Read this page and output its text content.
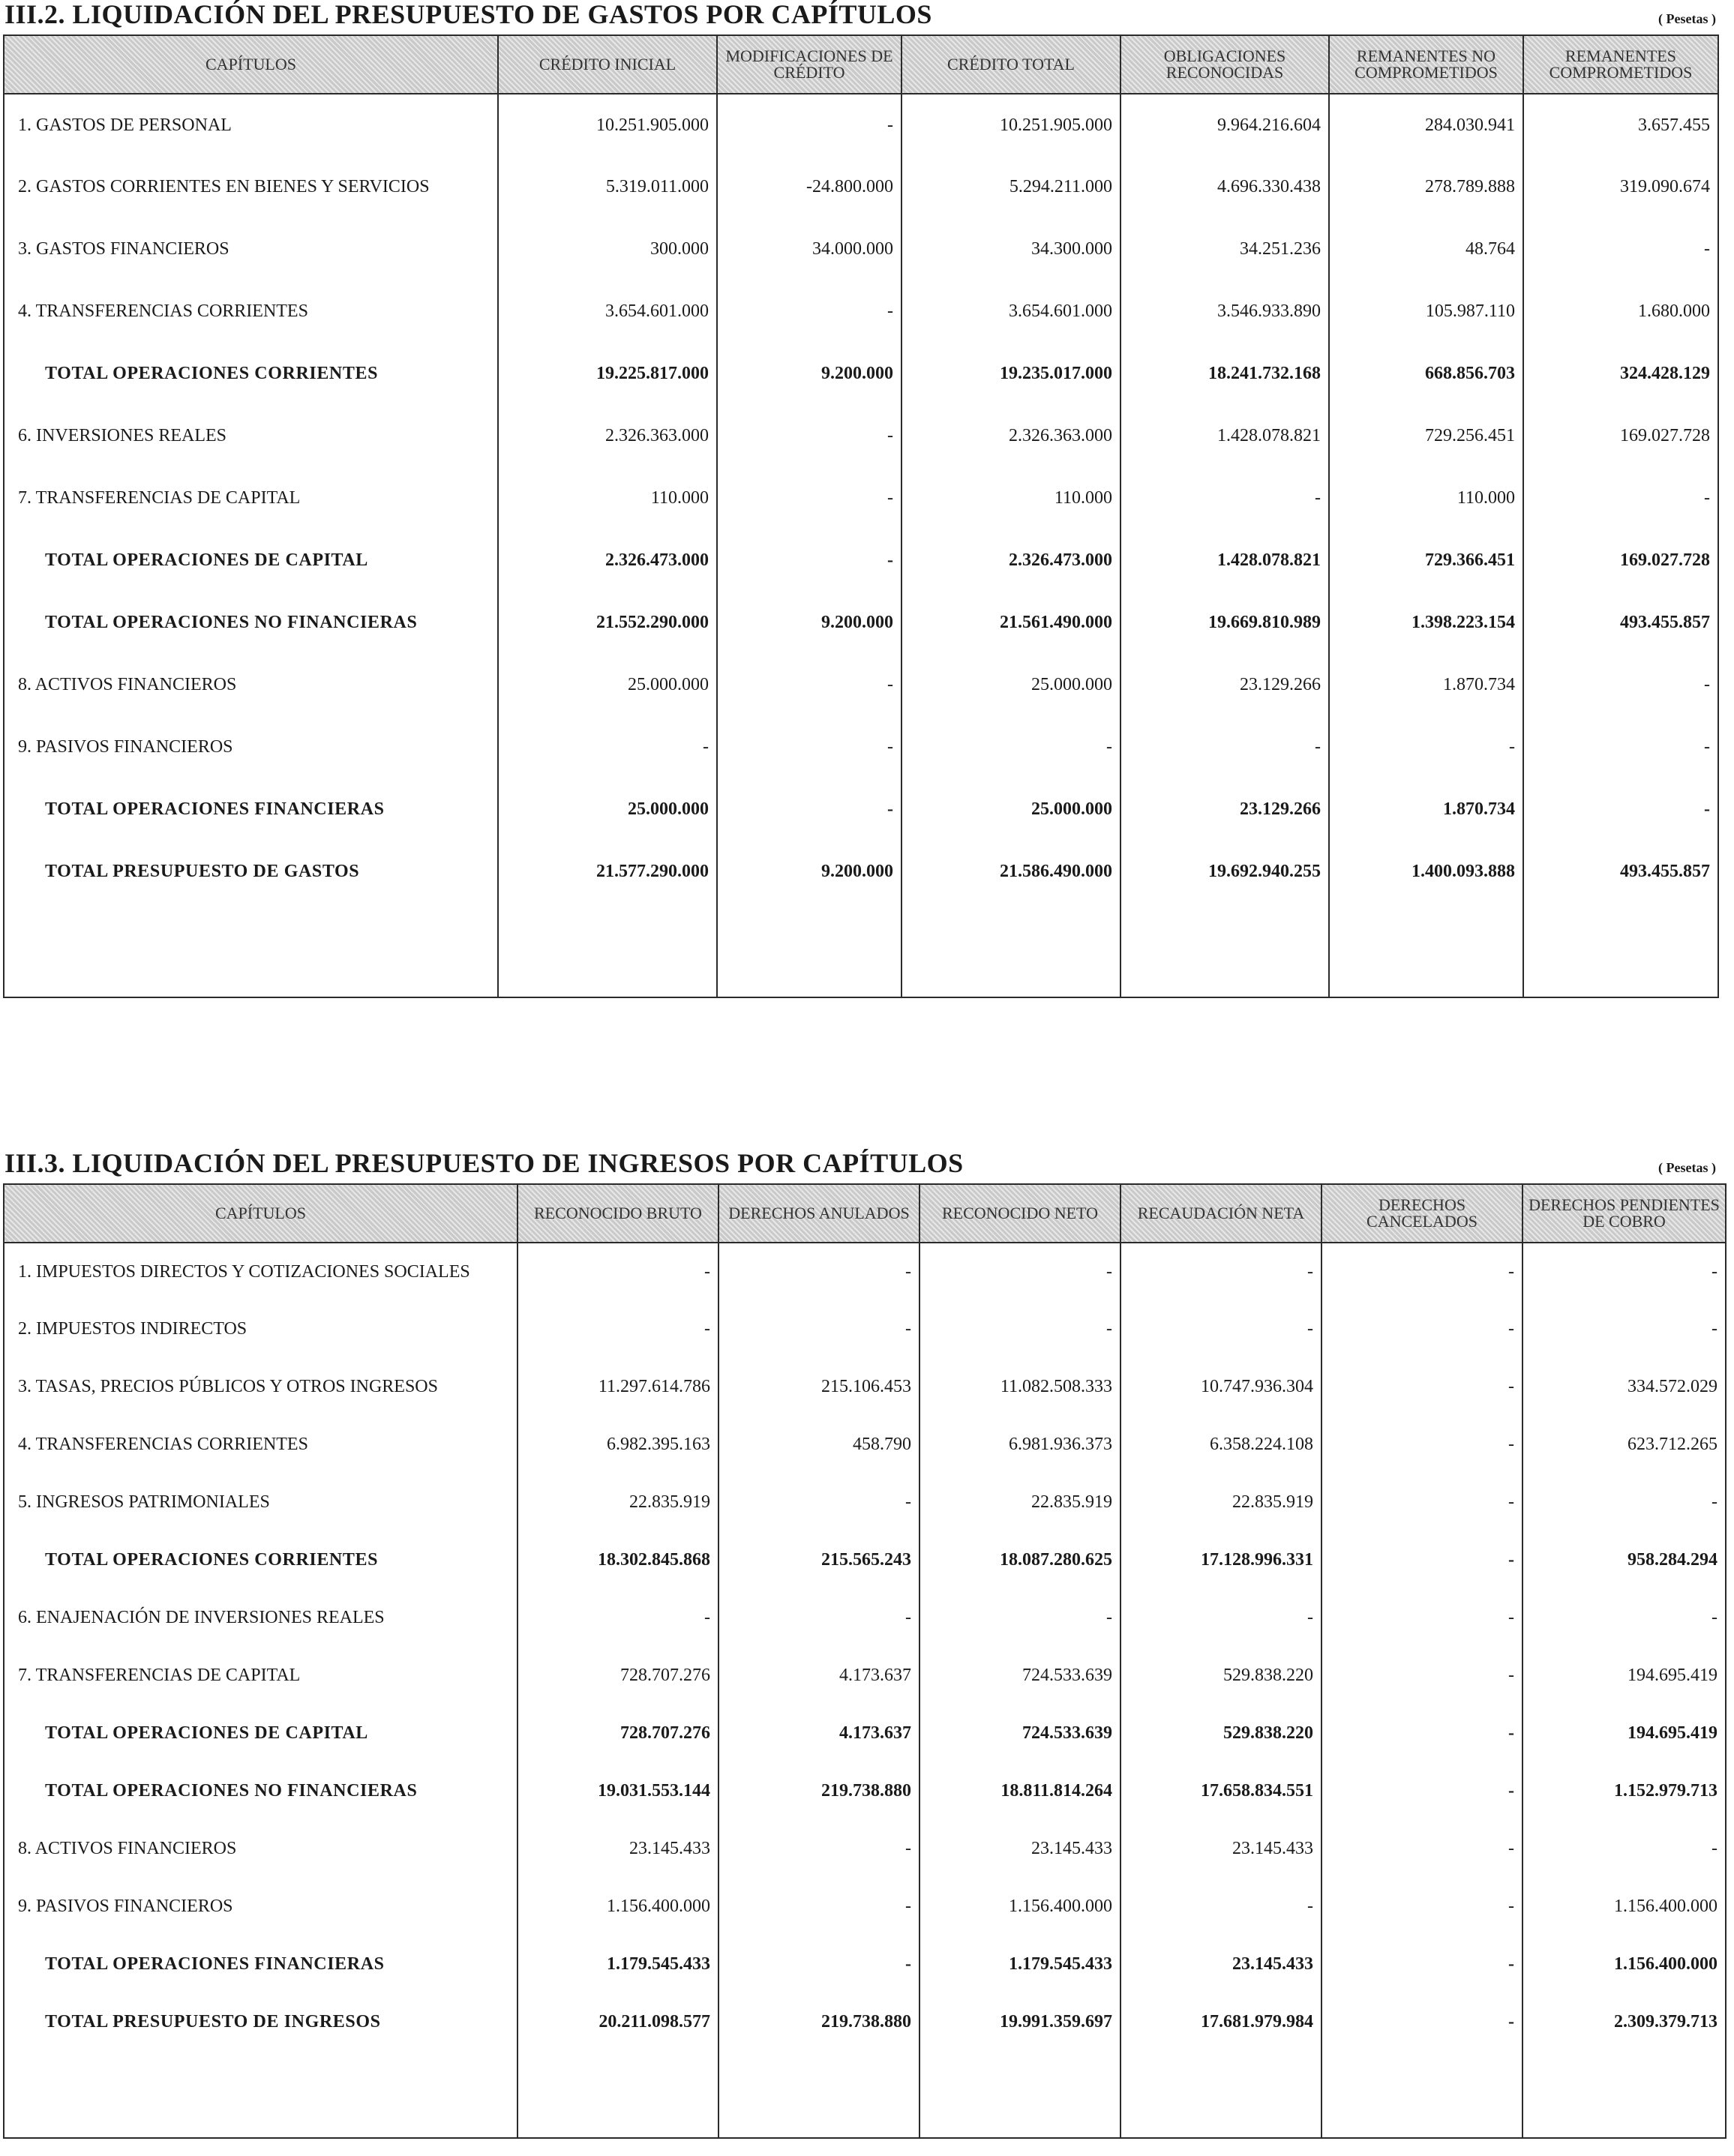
III.2. LIQUIDACIÓN DEL PRESUPUESTO DE GASTOS POR CAPÍTULOS	( Pesetas )
CAPÍTULOS	CRÉDITO INICIAL	MODIFICACIONES DE CRÉDITO	CRÉDITO TOTAL	OBLIGACIONES RECONOCIDAS	REMANENTES NO COMPROMETIDOS	REMANENTES COMPROMETIDOS
1. GASTOS DE PERSONAL	10.251.905.000	-	10.251.905.000	9.964.216.604	284.030.941	3.657.455
2. GASTOS CORRIENTES EN BIENES Y SERVICIOS	5.319.011.000	-24.800.000	5.294.211.000	4.696.330.438	278.789.888	319.090.674
3. GASTOS FINANCIEROS	300.000	34.000.000	34.300.000	34.251.236	48.764	-
4. TRANSFERENCIAS CORRIENTES	3.654.601.000	-	3.654.601.000	3.546.933.890	105.987.110	1.680.000
TOTAL OPERACIONES CORRIENTES	19.225.817.000	9.200.000	19.235.017.000	18.241.732.168	668.856.703	324.428.129
6. INVERSIONES REALES	2.326.363.000	-	2.326.363.000	1.428.078.821	729.256.451	169.027.728
7. TRANSFERENCIAS DE CAPITAL	110.000	-	110.000	-	110.000	-
TOTAL OPERACIONES DE CAPITAL	2.326.473.000	-	2.326.473.000	1.428.078.821	729.366.451	169.027.728
TOTAL OPERACIONES NO FINANCIERAS	21.552.290.000	9.200.000	21.561.490.000	19.669.810.989	1.398.223.154	493.455.857
8. ACTIVOS FINANCIEROS	25.000.000	-	25.000.000	23.129.266	1.870.734	-
9. PASIVOS FINANCIEROS	-	-	-	-	-	-
TOTAL OPERACIONES FINANCIERAS	25.000.000	-	25.000.000	23.129.266	1.870.734	-
TOTAL PRESUPUESTO DE GASTOS	21.577.290.000	9.200.000	21.586.490.000	19.692.940.255	1.400.093.888	493.455.857

III.3. LIQUIDACIÓN DEL PRESUPUESTO DE INGRESOS POR CAPÍTULOS	( Pesetas )
CAPÍTULOS	RECONOCIDO BRUTO	DERECHOS ANULADOS	RECONOCIDO NETO	RECAUDACIÓN NETA	DERECHOS CANCELADOS	DERECHOS PENDIENTES DE COBRO
1. IMPUESTOS DIRECTOS Y COTIZACIONES SOCIALES	-	-	-	-	-	-
2. IMPUESTOS INDIRECTOS	-	-	-	-	-	-
3. TASAS, PRECIOS PÚBLICOS Y OTROS INGRESOS	11.297.614.786	215.106.453	11.082.508.333	10.747.936.304	-	334.572.029
4. TRANSFERENCIAS CORRIENTES	6.982.395.163	458.790	6.981.936.373	6.358.224.108	-	623.712.265
5. INGRESOS PATRIMONIALES	22.835.919	-	22.835.919	22.835.919	-	-
TOTAL OPERACIONES CORRIENTES	18.302.845.868	215.565.243	18.087.280.625	17.128.996.331	-	958.284.294
6. ENAJENACIÓN DE INVERSIONES REALES	-	-	-	-	-	-
7. TRANSFERENCIAS DE CAPITAL	728.707.276	4.173.637	724.533.639	529.838.220	-	194.695.419
TOTAL OPERACIONES DE CAPITAL	728.707.276	4.173.637	724.533.639	529.838.220	-	194.695.419
TOTAL OPERACIONES NO FINANCIERAS	19.031.553.144	219.738.880	18.811.814.264	17.658.834.551	-	1.152.979.713
8. ACTIVOS FINANCIEROS	23.145.433	-	23.145.433	23.145.433	-	-
9. PASIVOS FINANCIEROS	1.156.400.000	-	1.156.400.000	-	-	1.156.400.000
TOTAL OPERACIONES FINANCIERAS	1.179.545.433	-	1.179.545.433	23.145.433	-	1.156.400.000
TOTAL PRESUPUESTO DE INGRESOS	20.211.098.577	219.738.880	19.991.359.697	17.681.979.984	-	2.309.379.713
